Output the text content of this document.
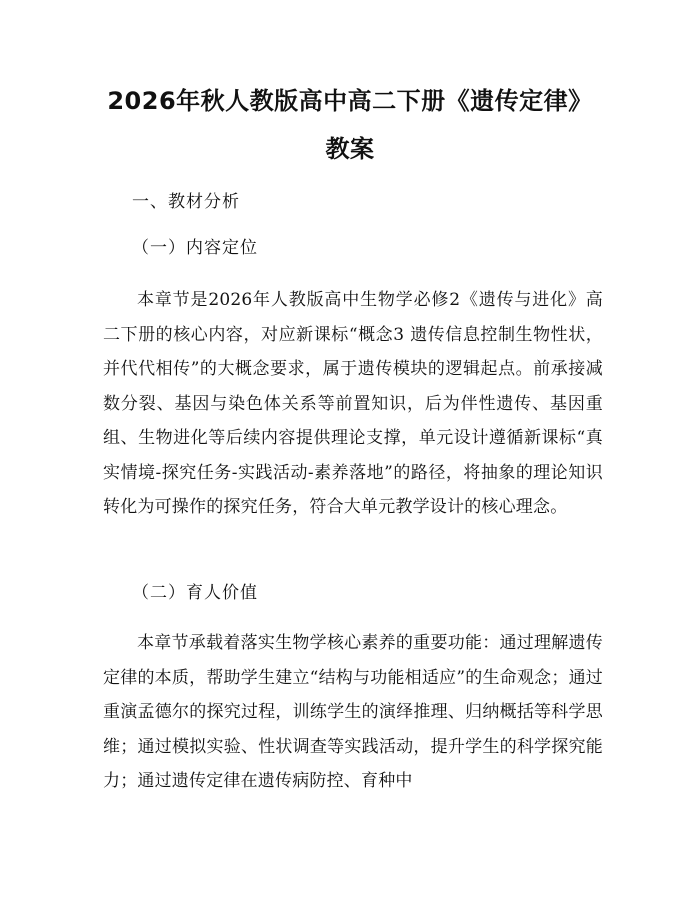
2026年秋人教版高中高二下册《遗传定律》
教案
一、教材分析
（一）内容定位
本章节是2026年人教版高中生物学必修2《遗传与进化》高二下册的核心内容，对应新课标“概念3 遗传信息控制生物性状，并代代相传”的大概念要求，属于遗传模块的逻辑起点。前承接减数分裂、基因与染色体关系等前置知识，后为伴性遗传、基因重组、生物进化等后续内容提供理论支撑，单元设计遵循新课标“真实情境-探究任务-实践活动-素养落地”的路径，将抽象的理论知识转化为可操作的探究任务，符合大单元教学设计的核心理念。
（二）育人价值
本章节承载着落实生物学核心素养的重要功能：通过理解遗传定律的本质，帮助学生建立“结构与功能相适应”的生命观念；通过重演孟德尔的探究过程，训练学生的演绎推理、归纳概括等科学思维；通过模拟实验、性状调查等实践活动，提升学生的科学探究能力；通过遗传定律在遗传病防控、育种中
